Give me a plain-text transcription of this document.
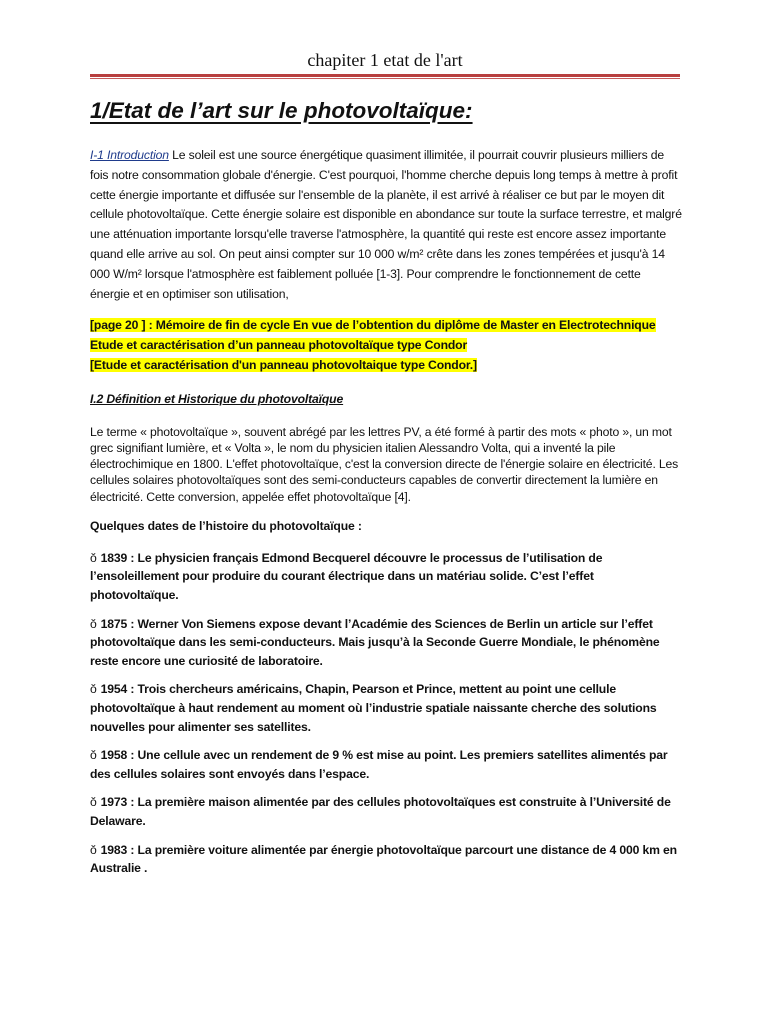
chapiter 1 etat de l'art
1/Etat de l’art sur le photovoltaïque:

I-1 Introduction Le soleil est une source énergétique quasiment illimitée, il pourrait couvrir plusieurs milliers de fois notre consommation globale d'énergie. C'est pourquoi, l'homme cherche depuis long temps à mettre à profit cette énergie importante et diffusée sur l'ensemble de la planète, il est arrivé à réaliser ce but par le moyen dit cellule photovoltaïque. Cette énergie solaire est disponible en abondance sur toute la surface terrestre, et malgré une atténuation importante lorsqu'elle traverse l'atmosphère, la quantité qui reste est encore assez importante quand elle arrive au sol. On peut ainsi compter sur 10 000 w/m² crête dans les zones tempérées et jusqu'à 14 000 W/m² lorsque l'atmosphère est faiblement polluée [1-3]. Pour comprendre le fonctionnement de cette énergie et en optimiser son utilisation,

[page 20 ] : Mémoire de fin de cycle En vue de l’obtention du diplôme de Master en Electrotechnique
Etude et caractérisation d’un panneau photovoltaïque type Condor
[Etude et caractérisation d'un panneau photovoltaique type Condor.]
I.2 Définition et Historique du photovoltaïque

Le terme « photovoltaïque », souvent abrégé par les lettres PV, a été formé à partir des mots « photo », un mot grec signifiant lumière, et « Volta », le nom du physicien italien Alessandro Volta, qui a inventé la pile électrochimique en 1800. L'effet photovoltaïque, c'est la conversion directe de l'énergie solaire en électricité. Les cellules solaires photovoltaïques sont des semi-conducteurs capables de convertir directement la lumière en électricité. Cette conversion, appelée effet photovoltaïque [4].

Quelques dates de l’histoire du photovoltaïque :

ŏ 1839 : Le physicien français Edmond Becquerel découvre le processus de l’utilisation de l’ensoleillement pour produire du courant électrique dans un matériau solide. C’est l’effet photovoltaïque.
ŏ 1875 : Werner Von Siemens expose devant l’Académie des Sciences de Berlin un article sur l’effet photovoltaïque dans les semi-conducteurs. Mais jusqu’à la Seconde Guerre Mondiale, le phénomène reste encore une curiosité de laboratoire.
ŏ 1954 : Trois chercheurs américains, Chapin, Pearson et Prince, mettent au point une cellule photovoltaïque à haut rendement au moment où l’industrie spatiale naissante cherche des solutions nouvelles pour alimenter ses satellites.
ŏ 1958 : Une cellule avec un rendement de 9 % est mise au point. Les premiers satellites alimentés par des cellules solaires sont envoyés dans l’espace.
ŏ 1973 : La première maison alimentée par des cellules photovoltaïques est construite à l’Université de Delaware.
ŏ 1983 : La première voiture alimentée par énergie photovoltaïque parcourt une distance de 4 000 km en Australie .
